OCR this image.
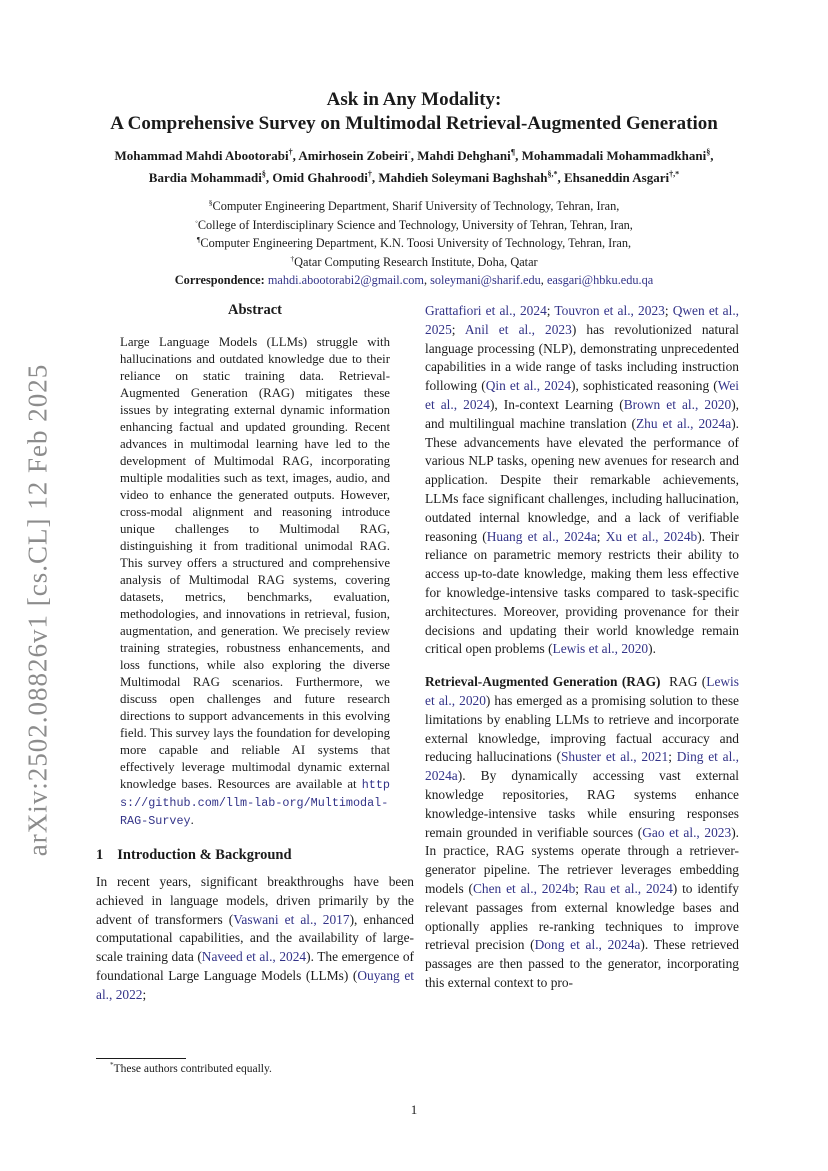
arXiv:2502.08826v1 [cs.CL] 12 Feb 2025
Ask in Any Modality:
A Comprehensive Survey on Multimodal Retrieval-Augmented Generation
Mohammad Mahdi Abootorabi†, Amirhosein Zobeiri◦, Mahdi Dehghani¶, Mohammadali Mohammadkhani§,
Bardia Mohammadi§, Omid Ghahroodi†, Mahdieh Soleymani Baghshah§,*, Ehsaneddin Asgari†,*
§Computer Engineering Department, Sharif University of Technology, Tehran, Iran,
◦College of Interdisciplinary Science and Technology, University of Tehran, Tehran, Iran,
¶Computer Engineering Department, K.N. Toosi University of Technology, Tehran, Iran,
†Qatar Computing Research Institute, Doha, Qatar
Correspondence: mahdi.abootorabi2@gmail.com, soleymani@sharif.edu, easgari@hbku.edu.qa
Abstract
Large Language Models (LLMs) struggle with hallucinations and outdated knowledge due to their reliance on static training data. Retrieval-Augmented Generation (RAG) mitigates these issues by integrating external dynamic information enhancing factual and updated grounding. Recent advances in multimodal learning have led to the development of Multimodal RAG, incorporating multiple modalities such as text, images, audio, and video to enhance the generated outputs. However, cross-modal alignment and reasoning introduce unique challenges to Multimodal RAG, distinguishing it from traditional unimodal RAG. This survey offers a structured and comprehensive analysis of Multimodal RAG systems, covering datasets, metrics, benchmarks, evaluation, methodologies, and innovations in retrieval, fusion, augmentation, and generation. We precisely review training strategies, robustness enhancements, and loss functions, while also exploring the diverse Multimodal RAG scenarios. Furthermore, we discuss open challenges and future research directions to support advancements in this evolving field. This survey lays the foundation for developing more capable and reliable AI systems that effectively leverage multimodal dynamic external knowledge bases. Resources are available at https://github.com/llm-lab-org/Multimodal-RAG-Survey.
1 Introduction & Background
In recent years, significant breakthroughs have been achieved in language models, driven primarily by the advent of transformers (Vaswani et al., 2017), enhanced computational capabilities, and the availability of large-scale training data (Naveed et al., 2024). The emergence of foundational Large Language Models (LLMs) (Ouyang et al., 2022;
Grattafiori et al., 2024; Touvron et al., 2023; Qwen et al., 2025; Anil et al., 2023) has revolutionized natural language processing (NLP), demonstrating unprecedented capabilities in a wide range of tasks including instruction following (Qin et al., 2024), sophisticated reasoning (Wei et al., 2024), In-context Learning (Brown et al., 2020), and multilingual machine translation (Zhu et al., 2024a). These advancements have elevated the performance of various NLP tasks, opening new avenues for research and application. Despite their remarkable achievements, LLMs face significant challenges, including hallucination, outdated internal knowledge, and a lack of verifiable reasoning (Huang et al., 2024a; Xu et al., 2024b). Their reliance on parametric memory restricts their ability to access up-to-date knowledge, making them less effective for knowledge-intensive tasks compared to task-specific architectures. Moreover, providing provenance for their decisions and updating their world knowledge remain critical open problems (Lewis et al., 2020).
Retrieval-Augmented Generation (RAG)  RAG (Lewis et al., 2020) has emerged as a promising solution to these limitations by enabling LLMs to retrieve and incorporate external knowledge, improving factual accuracy and reducing hallucinations (Shuster et al., 2021; Ding et al., 2024a). By dynamically accessing vast external knowledge repositories, RAG systems enhance knowledge-intensive tasks while ensuring responses remain grounded in verifiable sources (Gao et al., 2023). In practice, RAG systems operate through a retriever-generator pipeline. The retriever leverages embedding models (Chen et al., 2024b; Rau et al., 2024) to identify relevant passages from external knowledge bases and optionally applies re-ranking techniques to improve retrieval precision (Dong et al., 2024a). These retrieved passages are then passed to the generator, incorporating this external context to pro-
*These authors contributed equally.
1
